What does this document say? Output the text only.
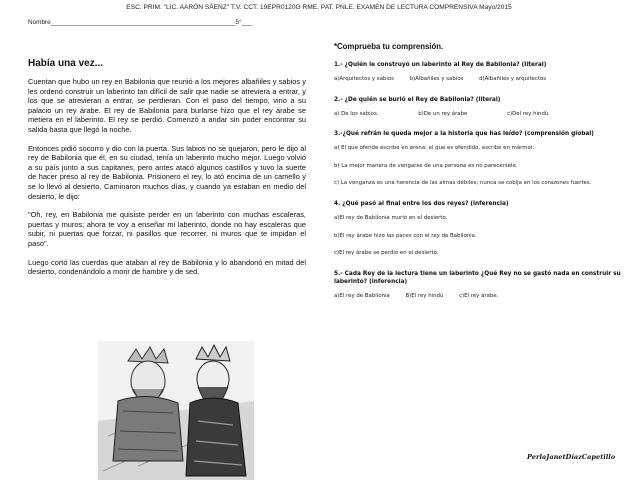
ESC. PRIM. "LIC. AARÓN SÁENZ" T.V. CCT. 19EPR0120G RME. PAT. PNLE. EXAMEN DE LECTURA COMPRENSIVA Mayo/2015
Nombre____________________________________________________5°___
Había una vez...

Cuentan que hubo un rey en Babilonia que reunió a los mejores albañiles y sabios y les ordenó construir un laberinto tan difícil de salir que nadie se atreviera a entrar, y los que se atrevieran a entrar, se perdieran. Con el paso del tiempo, vino a su palacio un rey árabe. El rey de Babilonia para burlarse hizo que el rey árabe se metiera en el laberinto. El rey se perdió. Comenzó a andar sin poder encontrar su salida hasta que llegó la noche.

Entonces pidió socorro y dio con la puerta. Sus labios no se quejaron, pero le dijo al rey de Babilonia que él, en su ciudad, tenía un laberinto mucho mejor. Luego volvió a su país junto a sus capitanes, pero antes atacó algunos castillos y tuvo la suerte de hacer preso al rey de Babilonia. Prisionero el rey, lo ató encima de un camello y se lo llevó al desierto. Caminaron muchos días, y cuando ya estaban en medio del desierto, le dijo:

"Oh, rey, en Babilonia me quisiste perder en un laberinto con muchas escaleras, puertas y muros; ahora te voy a enseñar mi laberinto, donde no hay escaleras que subir, ni puertas que forzar, ni pasillos que recorrer, ni muros que te impidan el paso".

Luego cortó las cuerdas que ataban al rey de Babilonia y lo abandonó en mitad del desierto, condenándolo a morir de hambre y de sed.

*Comprueba tu comprensión.
1.- ¿Quién le construyó un laberinto al Rey de Babilonia? (literal)
a)Arquitectos y sabios	b)Albañiles y sabios	d)Albañiles y arquitectos
2.- ¿De quién se burló el Rey de Babilonia? (literal)
a) De los sabios.	b)De un rey árabe	c)Del rey hindú.
3.-¿Qué refrán le queda mejor a la historia que has leído? (comprensión global)
a) El que ofende escribe en arena; el que es ofendido, escribe en mármol.
b) La mejor manera de vengarse de una persona es no parecérsele.
c) La venganza es una herencia de las almas débiles; nunca se cobija en los corazones fuertes.
4. ¿Qué pasó al final entre los dos reyes? (inferencia)
a)El rey de Babilonia murió en el desierto.
b)El rey árabe hizo las paces con el rey de Babilonia.
c)El rey árabe se perdió en el desierto.
5.- Cada Rey de la lectura tiene un laberinto ¿Qué Rey no se gastó nada en construir su laberinto? (inferencia)
a)El rey de Babilonia	B)El rey hindú	c)El rey árabe.
PerlaJanetDíazCapetillo
